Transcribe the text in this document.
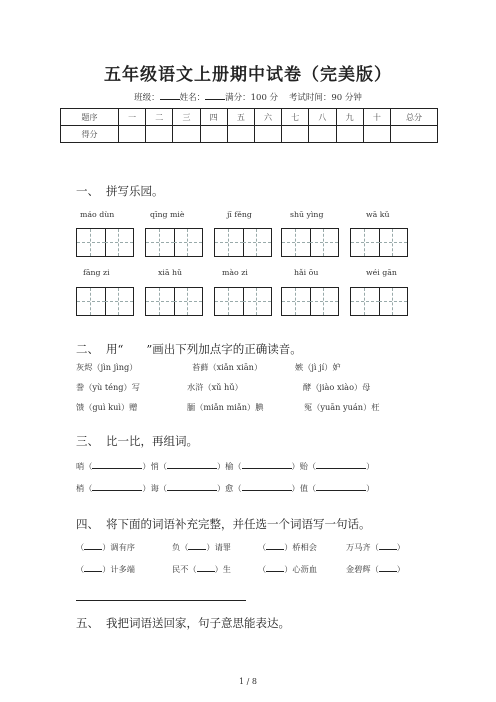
五年级语文上册期中试卷（完美版）
班级： 姓名： 满分：100 分 考试时间：90 分钟
题序	一	二	三	四	五	六	七	八	九	十	总分
得分											
一、 拼写乐园。
máo dùn	qīng miè	jī fěng	shū yìng	wā kǔ
fāng zi	xiā hǔ	mào zi	hǎi ōu	wéi gān
二、 用“　　”画出下列加点字的正确读音。
灰烬（jìn jìng）	苔藓（xiǎn xiān）	嫉（jì jí）妒
誊（yù téng）写	水浒（xǔ hǔ）	酵（jiào xiào）母
馈（guì kuì）赠	腼（miǎn miǎn）腆	冤（yuān yuán）枉
三、 比一比，再组词。
哨（	）悄（	）榆（	）贻（	）
梢（	）诲（	）愈（	）值（	）
四、 将下面的词语补充完整，并任选一个词语写一句话。
（ ）调有序	负（ ）请罪	（ ）桥相会	万马齐（ ）
（ ）计多端	民不（ ）生	（ ）心沥血	金碧辉（ ）
五、 我把词语送回家，句子意思能表达。
1 / 8
